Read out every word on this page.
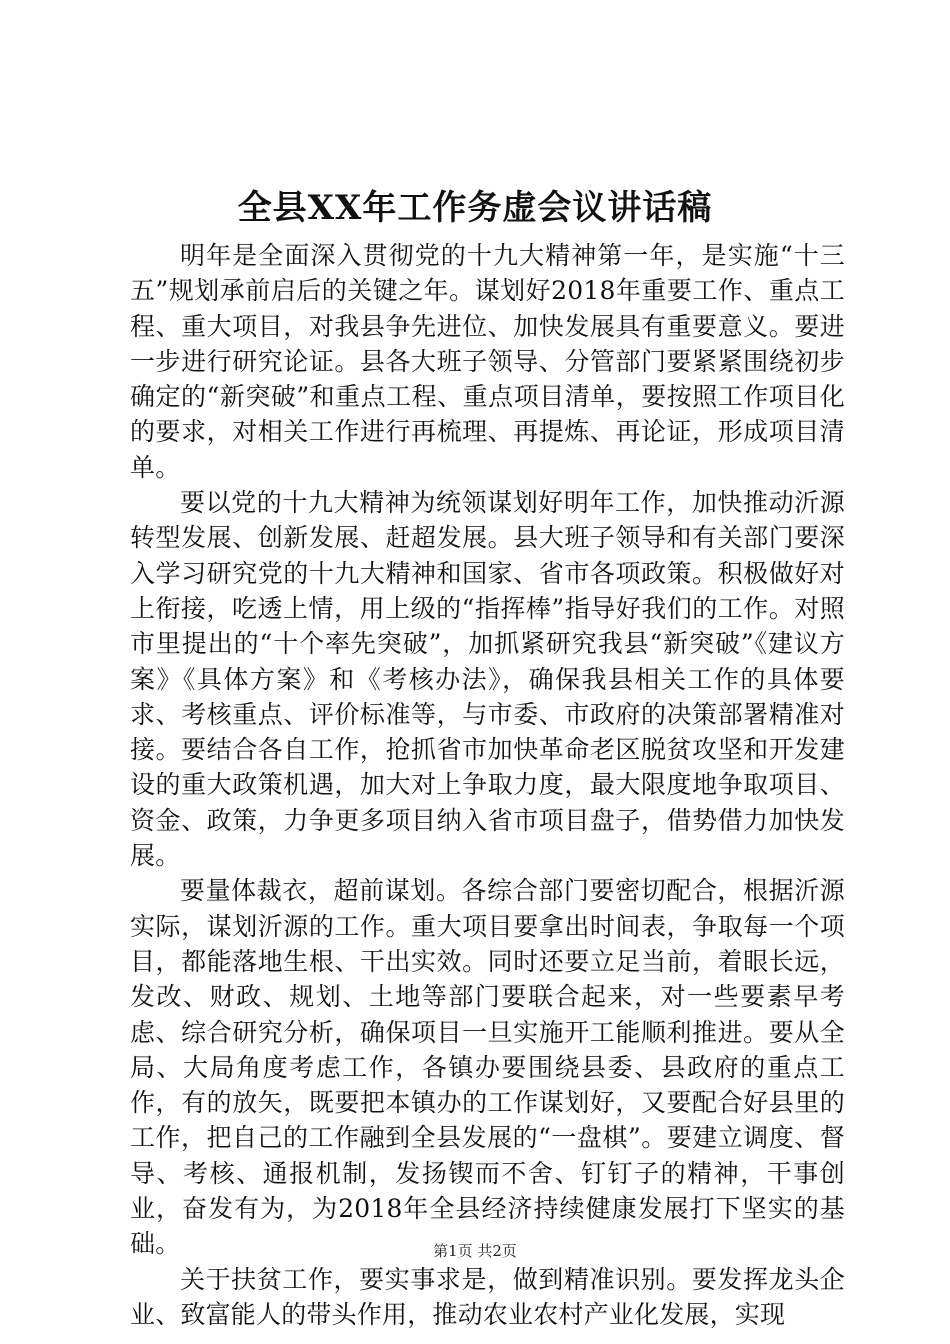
全县XX年工作务虚会议讲话稿

明年是全面深入贯彻党的十九大精神第一年，是实施“十三五”规划承前启后的关键之年。谋划好2018年重要工作、重点工程、重大项目，对我县争先进位、加快发展具有重要意义。要进一步进行研究论证。县各大班子领导、分管部门要紧紧围绕初步确定的“新突破”和重点工程、重点项目清单，要按照工作项目化的要求，对相关工作进行再梳理、再提炼、再论证，形成项目清单。

要以党的十九大精神为统领谋划好明年工作，加快推动沂源转型发展、创新发展、赶超发展。县大班子领导和有关部门要深入学习研究党的十九大精神和国家、省市各项政策。积极做好对上衔接，吃透上情，用上级的“指挥棒”指导好我们的工作。对照市里提出的“十个率先突破”，加抓紧研究我县“新突破”《建议方案》《具体方案》和《考核办法》，确保我县相关工作的具体要求、考核重点、评价标准等，与市委、市政府的决策部署精准对接。要结合各自工作，抢抓省市加快革命老区脱贫攻坚和开发建设的重大政策机遇，加大对上争取力度，最大限度地争取项目、资金、政策，力争更多项目纳入省市项目盘子，借势借力加快发展。

要量体裁衣，超前谋划。各综合部门要密切配合，根据沂源实际，谋划沂源的工作。重大项目要拿出时间表，争取每一个项目，都能落地生根、干出实效。同时还要立足当前，着眼长远，发改、财政、规划、土地等部门要联合起来，对一些要素早考虑、综合研究分析，确保项目一旦实施开工能顺利推进。要从全局、大局角度考虑工作，各镇办要围绕县委、县政府的重点工作，有的放矢，既要把本镇办的工作谋划好，又要配合好县里的工作，把自己的工作融到全县发展的“一盘棋”。要建立调度、督导、考核、通报机制，发扬锲而不舍、钉钉子的精神，干事创业，奋发有为，为2018年全县经济持续健康发展打下坚实的基础。

关于扶贫工作，要实事求是，做到精准识别。要发挥龙头企业、致富能人的带头作用，推动农业农村产业化发展，实现

第1页 共2页
